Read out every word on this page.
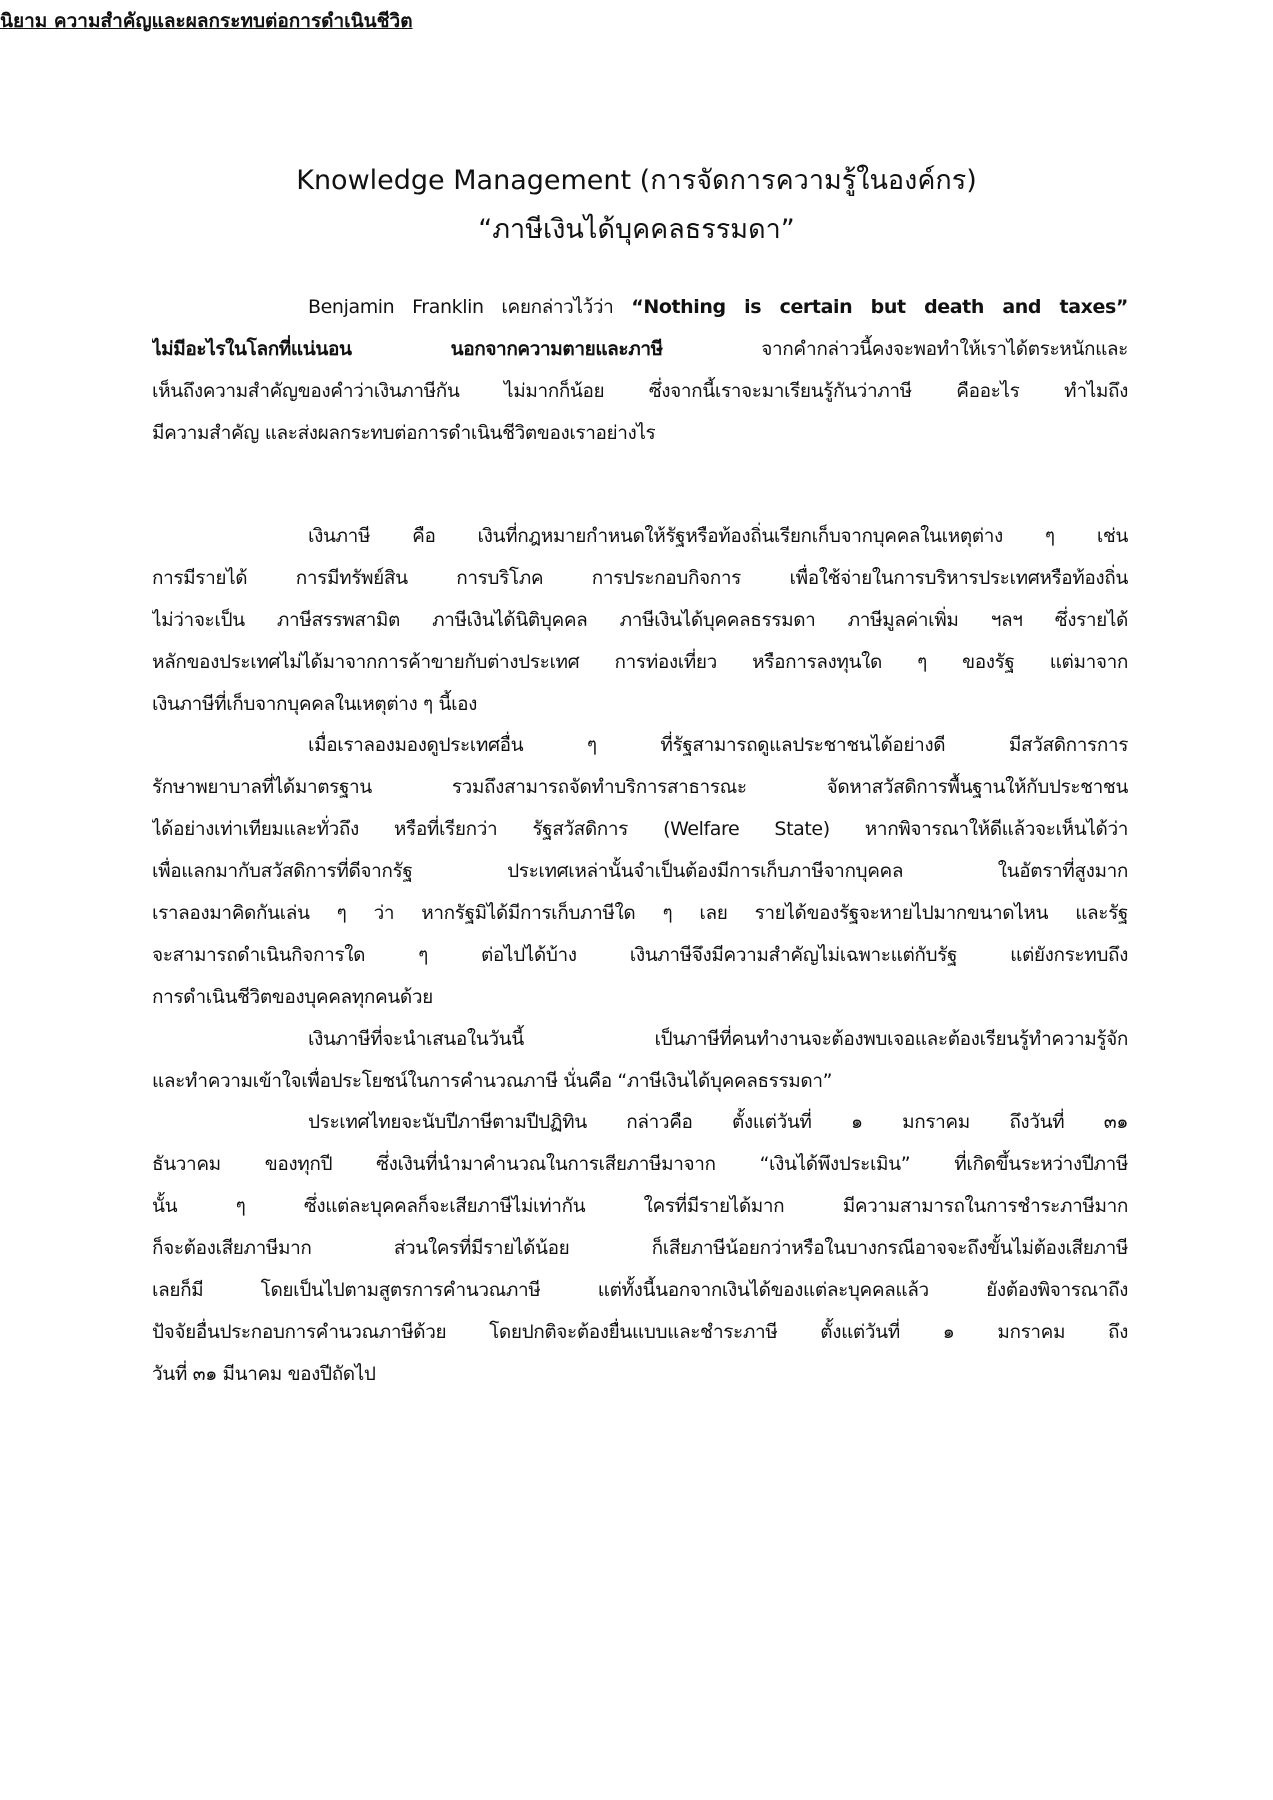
Knowledge Management (การจัดการความรู้ในองค์กร)
“ภาษีเงินได้บุคคลธรรมดา”
Benjamin Franklin เคยกล่าวไว้ว่า “Nothing is certain but death and taxes”
ไม่มีอะไรในโลกที่แน่นอน นอกจากความตายและภาษี จากคำกล่าวนี้คงจะพอทำให้เราได้ตระหนักและ
เห็นถึงความสำคัญของคำว่าเงินภาษีกัน ไม่มากก็น้อย ซึ่งจากนี้เราจะมาเรียนรู้กันว่าภาษี คืออะไร ทำไมถึง
มีความสำคัญ และส่งผลกระทบต่อการดำเนินชีวิตของเราอย่างไร
นิยาม ความสำคัญและผลกระทบต่อการดำเนินชีวิต
เงินภาษี คือ เงินที่กฎหมายกำหนดให้รัฐหรือท้องถิ่นเรียกเก็บจากบุคคลในเหตุต่าง ๆ เช่น
การมีรายได้ การมีทรัพย์สิน การบริโภค การประกอบกิจการ เพื่อใช้จ่ายในการบริหารประเทศหรือท้องถิ่น
ไม่ว่าจะเป็น ภาษีสรรพสามิต ภาษีเงินได้นิติบุคคล ภาษีเงินได้บุคคลธรรมดา ภาษีมูลค่าเพิ่ม ฯลฯ ซึ่งรายได้
หลักของประเทศไม่ได้มาจากการค้าขายกับต่างประเทศ การท่องเที่ยว หรือการลงทุนใด ๆ ของรัฐ แต่มาจาก
เงินภาษีที่เก็บจากบุคคลในเหตุต่าง ๆ นี้เอง
เมื่อเราลองมองดูประเทศอื่น ๆ ที่รัฐสามารถดูแลประชาชนได้อย่างดี มีสวัสดิการการ
รักษาพยาบาลที่ได้มาตรฐาน รวมถึงสามารถจัดทำบริการสาธารณะ จัดหาสวัสดิการพื้นฐานให้กับประชาชน
ได้อย่างเท่าเทียมและทั่วถึง หรือที่เรียกว่า รัฐสวัสดิการ (Welfare State) หากพิจารณาให้ดีแล้วจะเห็นได้ว่า
เพื่อแลกมากับสวัสดิการที่ดีจากรัฐ ประเทศเหล่านั้นจำเป็นต้องมีการเก็บภาษีจากบุคคล ในอัตราที่สูงมาก
เราลองมาคิดกันเล่น ๆ ว่า หากรัฐมิได้มีการเก็บภาษีใด ๆ เลย รายได้ของรัฐจะหายไปมากขนาดไหน และรัฐ
จะสามารถดำเนินกิจการใด ๆ ต่อไปได้บ้าง เงินภาษีจึงมีความสำคัญไม่เฉพาะแต่กับรัฐ แต่ยังกระทบถึง
การดำเนินชีวิตของบุคคลทุกคนด้วย
เงินภาษีที่จะนำเสนอในวันนี้ เป็นภาษีที่คนทำงานจะต้องพบเจอและต้องเรียนรู้ทำความรู้จัก
และทำความเข้าใจเพื่อประโยชน์ในการคำนวณภาษี นั่นคือ “ภาษีเงินได้บุคคลธรรมดา”
ประเทศไทยจะนับปีภาษีตามปีปฏิทิน กล่าวคือ ตั้งแต่วันที่ ๑ มกราคม ถึงวันที่ ๓๑
ธันวาคม ของทุกปี ซึ่งเงินที่นำมาคำนวณในการเสียภาษีมาจาก “เงินได้พึงประเมิน” ที่เกิดขึ้นระหว่างปีภาษี
นั้น ๆ ซึ่งแต่ละบุคคลก็จะเสียภาษีไม่เท่ากัน ใครที่มีรายได้มาก มีความสามารถในการชำระภาษีมาก
ก็จะต้องเสียภาษีมาก ส่วนใครที่มีรายได้น้อย ก็เสียภาษีน้อยกว่าหรือในบางกรณีอาจจะถึงขั้นไม่ต้องเสียภาษี
เลยก็มี โดยเป็นไปตามสูตรการคำนวณภาษี แต่ทั้งนี้นอกจากเงินได้ของแต่ละบุคคลแล้ว ยังต้องพิจารณาถึง
ปัจจัยอื่นประกอบการคำนวณภาษีด้วย โดยปกติจะต้องยื่นแบบและชำระภาษี ตั้งแต่วันที่ ๑ มกราคม ถึง
วันที่ ๓๑ มีนาคม ของปีถัดไป
